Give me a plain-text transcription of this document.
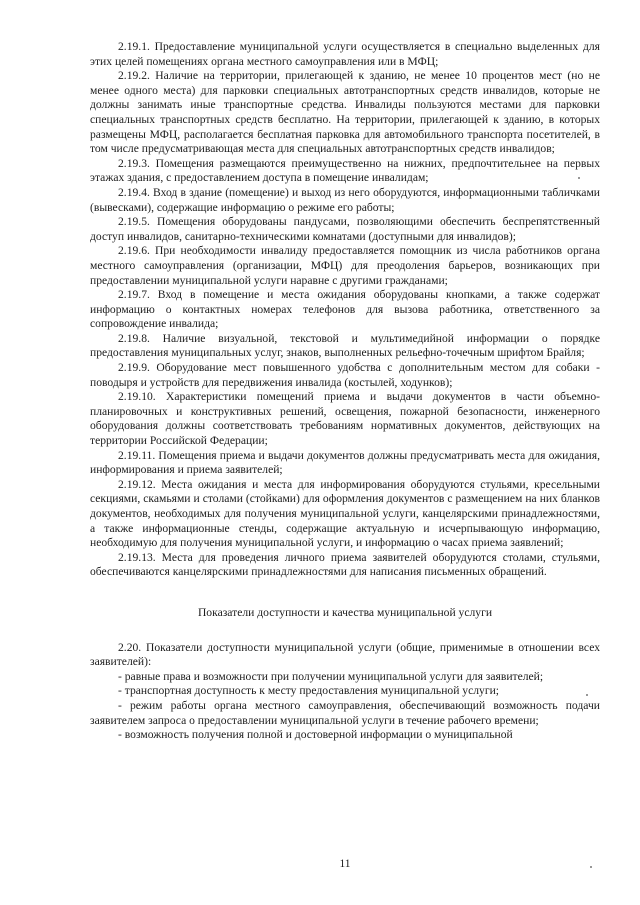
2.19.1. Предоставление муниципальной услуги осуществляется в специально выделенных для этих целей помещениях органа местного самоуправления или в МФЦ;

2.19.2. Наличие на территории, прилегающей к зданию, не менее 10 процентов мест (но не менее одного места) для парковки специальных автотранспортных средств инвалидов, которые не должны занимать иные транспортные средства. Инвалиды пользуются местами для парковки специальных транспортных средств бесплатно. На территории, прилегающей к зданию, в которых размещены МФЦ, располагается бесплатная парковка для автомобильного транспорта посетителей, в том числе предусматривающая места для специальных автотранспортных средств инвалидов;

2.19.3. Помещения размещаются преимущественно на нижних, предпочтительнее на первых этажах здания, с предоставлением доступа в помещение инвалидам;

2.19.4. Вход в здание (помещение) и выход из него оборудуются, информационными табличками (вывесками), содержащие информацию о режиме его работы;

2.19.5. Помещения оборудованы пандусами, позволяющими обеспечить беспрепятственный доступ инвалидов, санитарно-техническими комнатами (доступными для инвалидов);

2.19.6. При необходимости инвалиду предоставляется помощник из числа работников органа местного самоуправления (организации, МФЦ) для преодоления барьеров, возникающих при предоставлении муниципальной услуги наравне с другими гражданами;

2.19.7. Вход в помещение и места ожидания оборудованы кнопками, а также содержат информацию о контактных номерах телефонов для вызова работника, ответственного за сопровождение инвалида;

2.19.8. Наличие визуальной, текстовой и мультимедийной информации о порядке предоставления муниципальных услуг, знаков, выполненных рельефно-точечным шрифтом Брайля;

2.19.9. Оборудование мест повышенного удобства с дополнительным местом для собаки - поводыря и устройств для передвижения инвалида (костылей, ходунков);

2.19.10. Характеристики помещений приема и выдачи документов в части объемно-планировочных и конструктивных решений, освещения, пожарной безопасности, инженерного оборудования должны соответствовать требованиям нормативных документов, действующих на территории Российской Федерации;

2.19.11. Помещения приема и выдачи документов должны предусматривать места для ожидания, информирования и приема заявителей;

2.19.12. Места ожидания и места для информирования оборудуются стульями, кресельными секциями, скамьями и столами (стойками) для оформления документов с размещением на них бланков документов, необходимых для получения муниципальной услуги, канцелярскими принадлежностями, а также информационные стенды, содержащие актуальную и исчерпывающую информацию, необходимую для получения муниципальной услуги, и информацию о часах приема заявлений;

2.19.13. Места для проведения личного приема заявителей оборудуются столами, стульями, обеспечиваются канцелярскими принадлежностями для написания письменных обращений.

Показатели доступности и качества муниципальной услуги

2.20. Показатели доступности муниципальной услуги (общие, применимые в отношении всех заявителей):

- равные права и возможности при получении муниципальной услуги для заявителей;

- транспортная доступность к месту предоставления муниципальной услуги;

- режим работы органа местного самоуправления, обеспечивающий возможность подачи заявителем запроса о предоставлении муниципальной услуги в течение рабочего времени;

- возможность получения полной и достоверной информации о муниципальной

11
